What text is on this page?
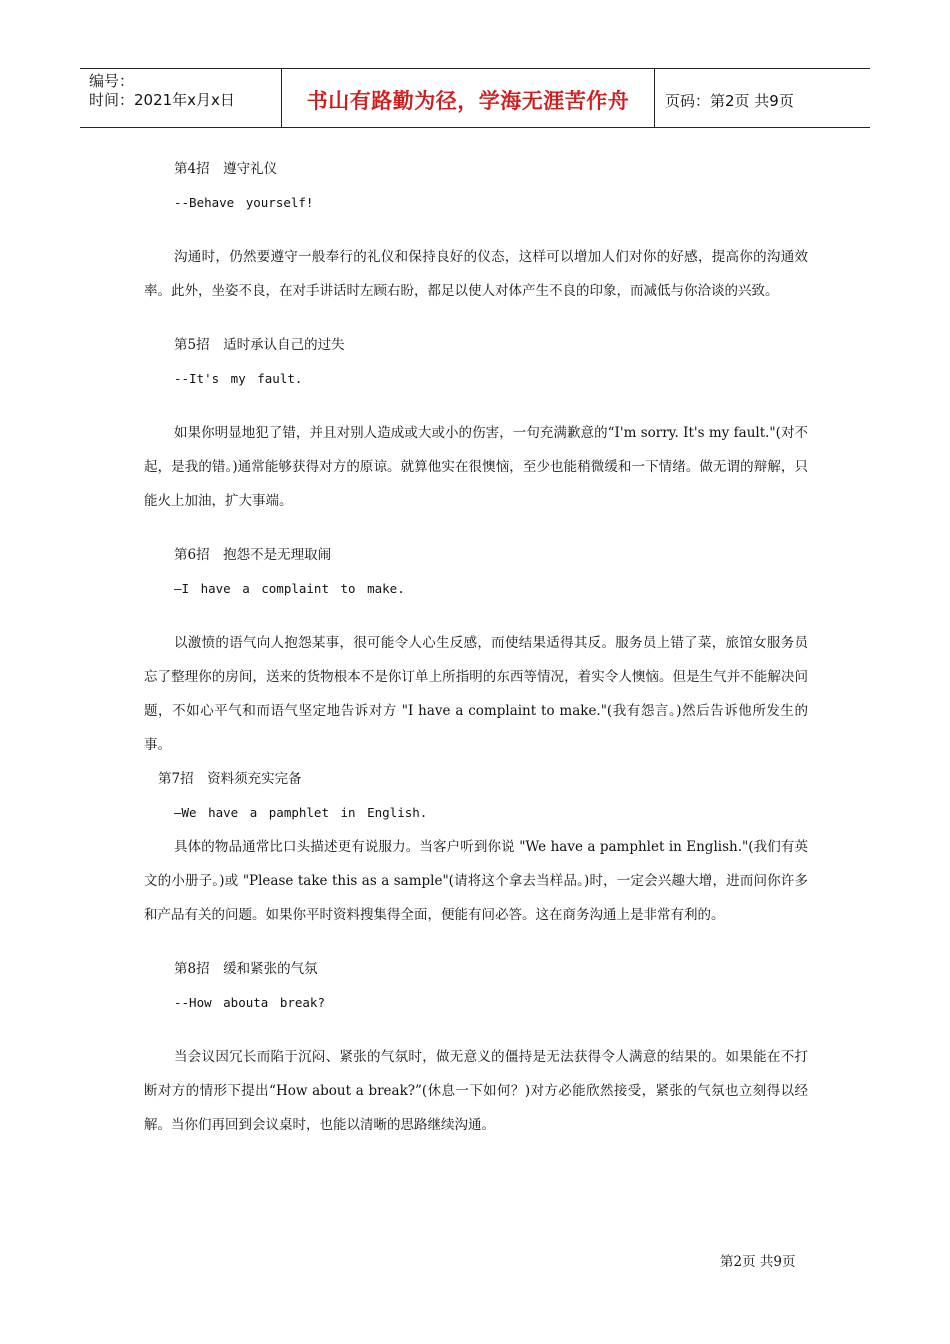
编号：
时间：2021年x月x日	书山有路勤为径，学海无涯苦作舟	页码：第2页 共9页

第4招　遵守礼仪

--Behave yourself!

沟通时，仍然要遵守一般奉行的礼仪和保持良好的仪态，这样可以增加人们对你的好感，提高你的沟通效率。此外，坐姿不良，在对手讲话时左顾右盼，都足以使人对体产生不良的印象，而减低与你洽谈的兴致。

第5招　适时承认自己的过失

--It's my fault.

如果你明显地犯了错，并且对别人造成或大或小的伤害，一句充满歉意的“I'm sorry. It's my fault."(对不起，是我的错。)通常能够获得对方的原谅。就算他实在很懊恼，至少也能稍微缓和一下情绪。做无谓的辩解，只能火上加油，扩大事端。

第6招　抱怨不是无理取闹

—I have a complaint to make.

以激愤的语气向人抱怨某事，很可能令人心生反感，而使结果适得其反。服务员上错了菜，旅馆女服务员忘了整理你的房间，送来的货物根本不是你订单上所指明的东西等情况，着实令人懊恼。但是生气并不能解决问题，不如心平气和而语气坚定地告诉对方 "I have a complaint to make."(我有怨言。)然后告诉他所发生的事。

第7招　资料须充实完备

—We have a pamphlet in English.

具体的物品通常比口头描述更有说服力。当客户听到你说 "We have a pamphlet in English."(我们有英文的小册子。)或 "Please take this as a sample"(请将这个拿去当样品。)时，一定会兴趣大增，进而问你许多和产品有关的问题。如果你平时资料搜集得全面，便能有问必答。这在商务沟通上是非常有利的。

第8招　缓和紧张的气氛

--How abouta break?

当会议因冗长而陷于沉闷、紧张的气氛时，做无意义的僵持是无法获得令人满意的结果的。如果能在不打断对方的情形下提出“How about a break?”(休息一下如何？)对方必能欣然接受，紧张的气氛也立刻得以经解。当你们再回到会议桌时，也能以清晰的思路继续沟通。

第2页 共9页
